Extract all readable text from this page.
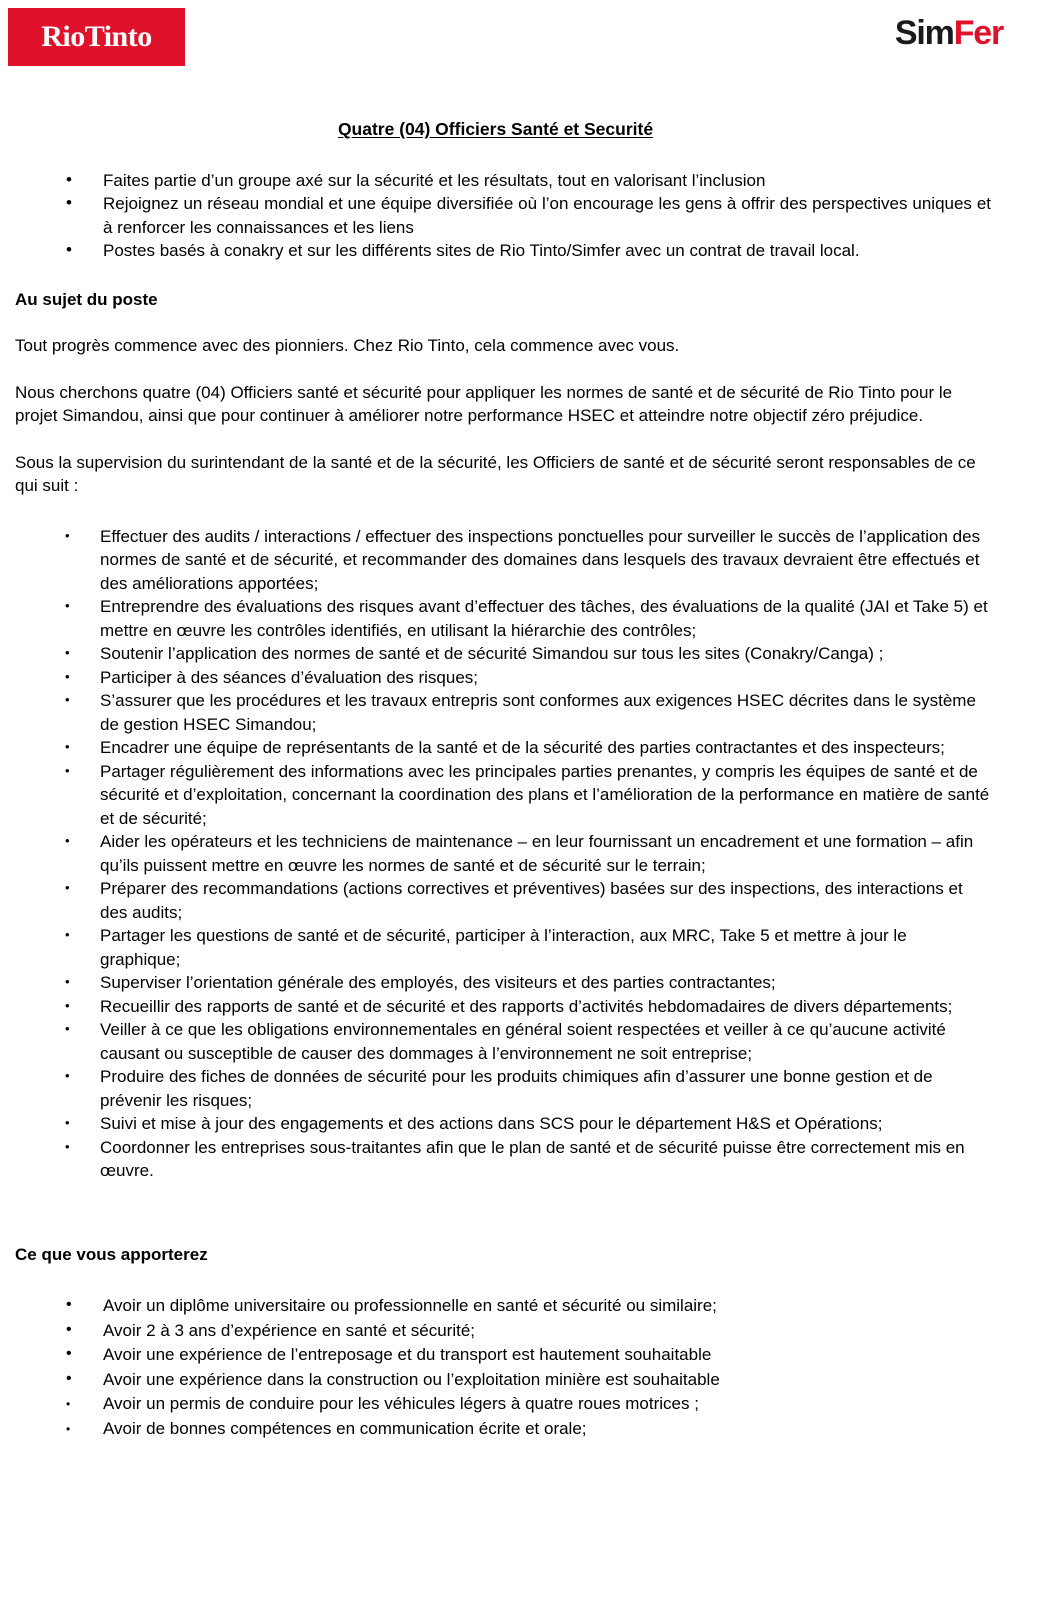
RioTinto	SimFer
Quatre (04) Officiers Santé et Securité
• Faites partie d’un groupe axé sur la sécurité et les résultats, tout en valorisant l’inclusion
• Rejoignez un réseau mondial et une équipe diversifiée où l’on encourage les gens à offrir des perspectives uniques et à renforcer les connaissances et les liens
• Postes basés à conakry et sur les différents sites de Rio Tinto/Simfer avec un contrat de travail local.
Au sujet du poste

Tout progrès commence avec des pionniers. Chez Rio Tinto, cela commence avec vous.

Nous cherchons quatre (04) Officiers santé et sécurité pour appliquer les normes de santé et de sécurité de Rio Tinto pour le projet Simandou, ainsi que pour continuer à améliorer notre performance HSEC et atteindre notre objectif zéro préjudice.

Sous la supervision du surintendant de la santé et de la sécurité, les Officiers de santé et de sécurité seront responsables de ce qui suit :

• Effectuer des audits / interactions / effectuer des inspections ponctuelles pour surveiller le succès de l’application des normes de santé et de sécurité, et recommander des domaines dans lesquels des travaux devraient être effectués et des améliorations apportées;
• Entreprendre des évaluations des risques avant d’effectuer des tâches, des évaluations de la qualité (JAI et Take 5) et mettre en œuvre les contrôles identifiés, en utilisant la hiérarchie des contrôles;
• Soutenir l’application des normes de santé et de sécurité Simandou sur tous les sites (Conakry/Canga) ;
• Participer à des séances d’évaluation des risques;
• S’assurer que les procédures et les travaux entrepris sont conformes aux exigences HSEC décrites dans le système de gestion HSEC Simandou;
• Encadrer une équipe de représentants de la santé et de la sécurité des parties contractantes et des inspecteurs;
• Partager régulièrement des informations avec les principales parties prenantes, y compris les équipes de santé et de sécurité et d’exploitation, concernant la coordination des plans et l’amélioration de la performance en matière de santé et de sécurité;
• Aider les opérateurs et les techniciens de maintenance – en leur fournissant un encadrement et une formation – afin qu’ils puissent mettre en œuvre les normes de santé et de sécurité sur le terrain;
• Préparer des recommandations (actions correctives et préventives) basées sur des inspections, des interactions et des audits;
• Partager les questions de santé et de sécurité, participer à l’interaction, aux MRC, Take 5 et mettre à jour le graphique;
• Superviser l’orientation générale des employés, des visiteurs et des parties contractantes;
• Recueillir des rapports de santé et de sécurité et des rapports d’activités hebdomadaires de divers départements;
• Veiller à ce que les obligations environnementales en général soient respectées et veiller à ce qu’aucune activité causant ou susceptible de causer des dommages à l’environnement ne soit entreprise;
• Produire des fiches de données de sécurité pour les produits chimiques afin d’assurer une bonne gestion et de prévenir les risques;
• Suivi et mise à jour des engagements et des actions dans SCS pour le département H&S et Opérations;
• Coordonner les entreprises sous-traitantes afin que le plan de santé et de sécurité puisse être correctement mis en œuvre.
Ce que vous apporterez
• Avoir un diplôme universitaire ou professionnelle en santé et sécurité ou similaire;
• Avoir 2 à 3 ans d’expérience en santé et sécurité;
• Avoir une expérience de l’entreposage et du transport est hautement souhaitable
• Avoir une expérience dans la construction ou l’exploitation minière est souhaitable
• Avoir un permis de conduire pour les véhicules légers à quatre roues motrices ;
• Avoir de bonnes compétences en communication écrite et orale;
